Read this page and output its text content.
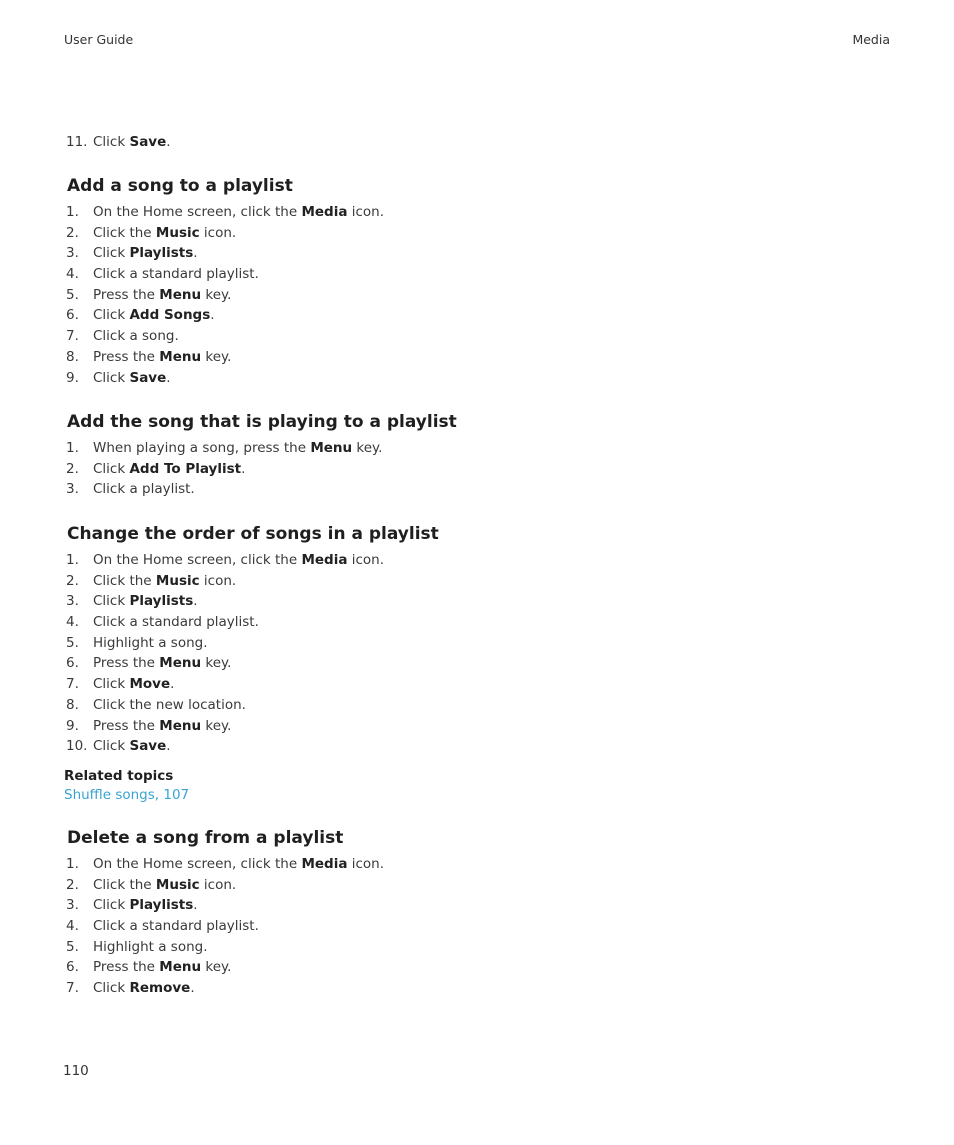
User Guide	Media
11. Click Save.
Add a song to a playlist
1. On the Home screen, click the Media icon.
2. Click the Music icon.
3. Click Playlists.
4. Click a standard playlist.
5. Press the Menu key.
6. Click Add Songs.
7. Click a song.
8. Press the Menu key.
9. Click Save.
Add the song that is playing to a playlist
1. When playing a song, press the Menu key.
2. Click Add To Playlist.
3. Click a playlist.
Change the order of songs in a playlist
1. On the Home screen, click the Media icon.
2. Click the Music icon.
3. Click Playlists.
4. Click a standard playlist.
5. Highlight a song.
6. Press the Menu key.
7. Click Move.
8. Click the new location.
9. Press the Menu key.
10. Click Save.
Related topics
Shuffle songs, 107
Delete a song from a playlist
1. On the Home screen, click the Media icon.
2. Click the Music icon.
3. Click Playlists.
4. Click a standard playlist.
5. Highlight a song.
6. Press the Menu key.
7. Click Remove.
110
